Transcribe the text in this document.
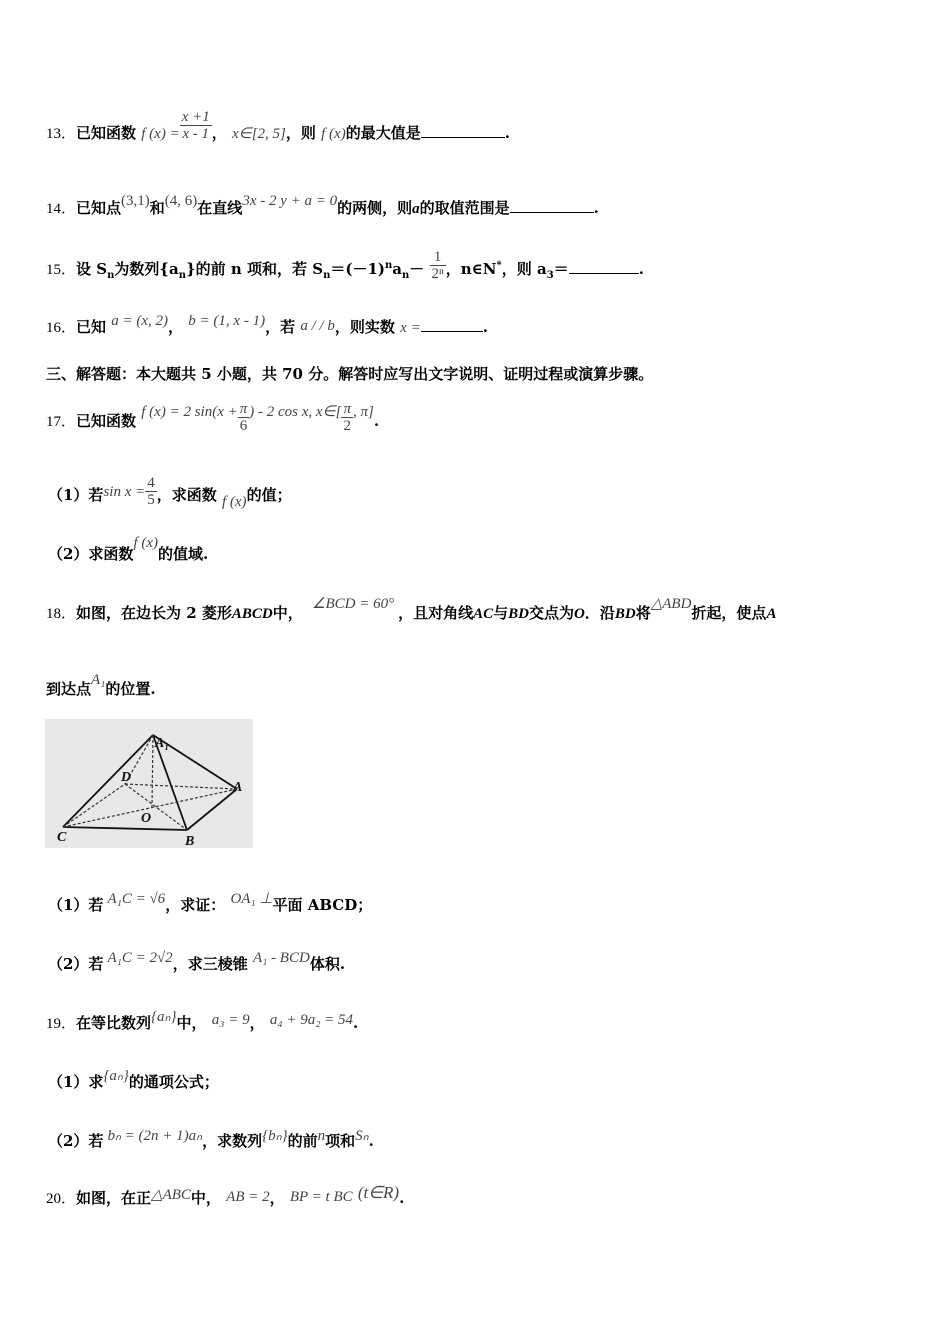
13．已知函数 f $(x) = \frac{x +1}{x - 1}$ ， x∈[2, 5]，则 f (x)的最大值是	.
14．已知点(3,1)和(4, 6)在直线3x - 2 y + a = 0的两侧，则a的取值范围是	.
15．设 $S_n$为数列$\{a_n\}$的前 n 项和，若 $S_n=(-1)^na_n- \frac{1}{\text{2ⁿ}}$ ，n∈N*，则 $a_3=$	.
16．已知 a = (x, 2)， b = (1, x - 1)，若 a / / b，则实数 x =	.
三、解答题：本大题共 5 小题，共 70 分。解答时应写出文字说明、证明过程或演算步骤。
17．已知函数 f (x) = 2 $\sin(x + \frac{\pi}{6}$ ) - 2 cos x, x∈[ $\frac{\pi}{2}$ , π].
（1）若$\sin x = \frac{4}{5}$ ，求函数 f (x)的值；
（2）求函数f (x)的值域.
18．如图，在边长为 2 菱形ABCD中， ∠BCD = 60° ，且对角线AC与BD交点为O．沿BD将△ABD折起，使点A
到达点A₁的位置.
A₁
D
A
O
C	B
（1）若 A₁C = √6，求证： OA₁ ⊥平面 ABCD；
（2）若 A₁C = 2√2，求三棱锥 A₁ - BCD体积.
19．在等比数列{aₙ}中， a₃ = 9， a₄ + 9a₂ = 54.
（1）求{aₙ}的通项公式；
（2）若 bₙ = (2n + 1)aₙ，求数列{bₙ}的前n项和Sₙ.
20．如图，在正△ABC中， AB = 2， BP = t BC (t∈R).
